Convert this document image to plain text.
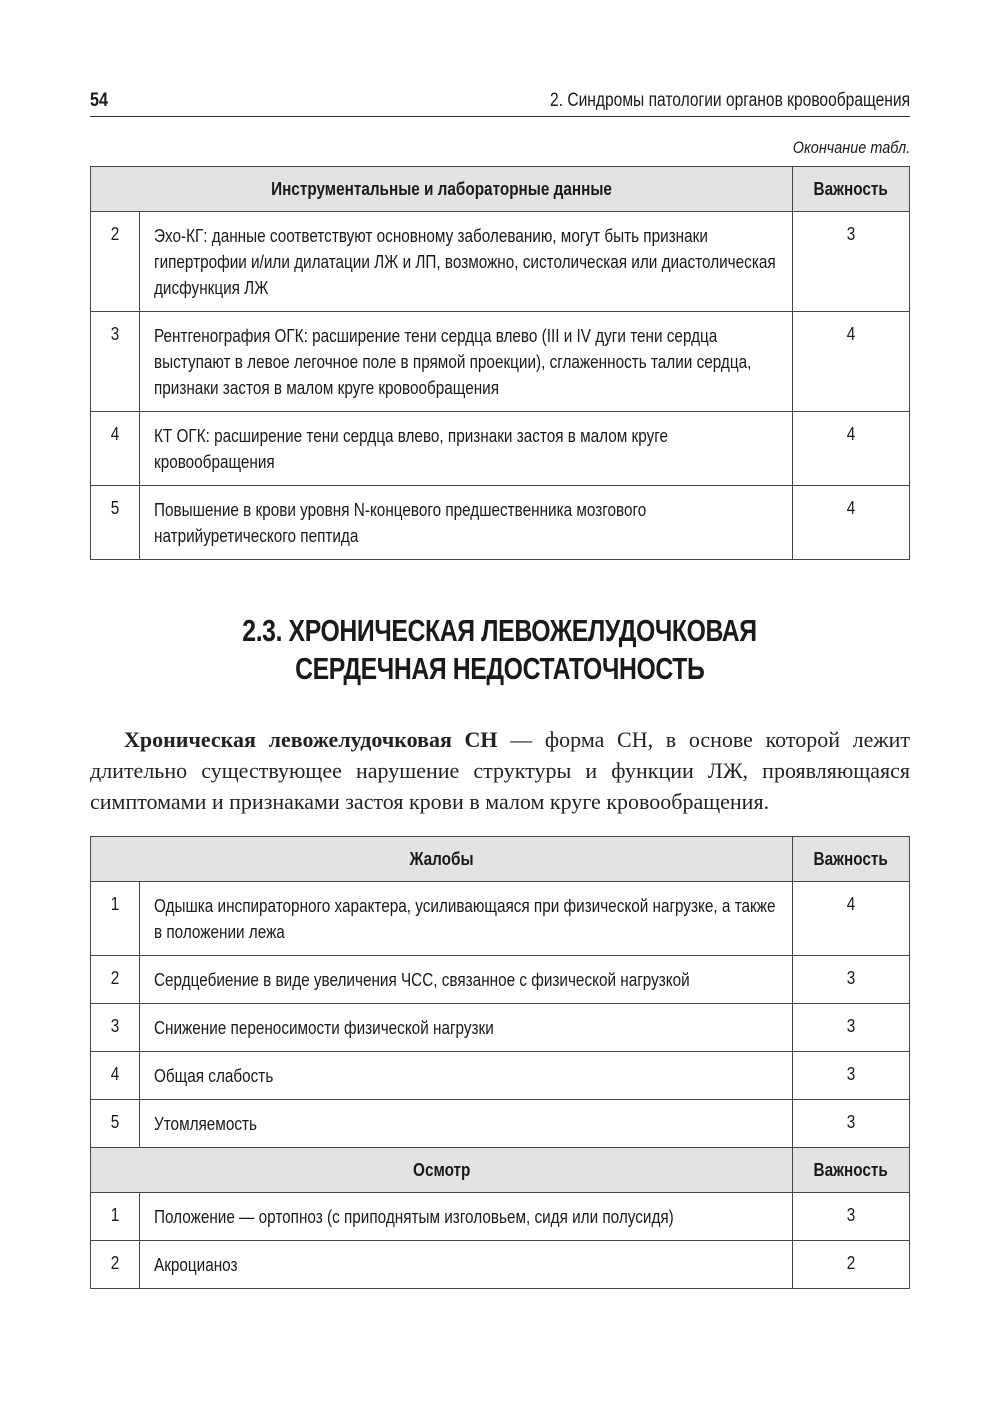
54	2. Синдромы патологии органов кровообращения
Окончание табл.
Инструментальные и лабораторные данные		Важность
2	Эхо-КГ: данные соответствуют основному заболеванию, могут быть признаки гипертрофии и/или дилатации ЛЖ и ЛП, возможно, систолическая или диастолическая дисфункция ЛЖ	3
3	Рентгенография ОГК: расширение тени сердца влево (III и IV дуги тени сердца выступают в левое легочное поле в прямой проекции), сглаженность талии сердца, признаки застоя в малом круге кровообращения	4
4	КТ ОГК: расширение тени сердца влево, признаки застоя в малом круге кровообращения	4
5	Повышение в крови уровня N-концевого предшественника мозгового натрийуретического пептида	4
2.3. ХРОНИЧЕСКАЯ ЛЕВОЖЕЛУДОЧКОВАЯ
СЕРДЕЧНАЯ НЕДОСТАТОЧНОСТЬ

Хроническая левожелудочковая СН — форма СН, в основе которой лежит длительно существующее нарушение структуры и функции ЛЖ, проявляющаяся симптомами и признаками застоя крови в малом круге кровообращения.

Жалобы		Важность
1	Одышка инспираторного характера, усиливающаяся при физической нагрузке, а также в положении лежа	4
2	Сердцебиение в виде увеличения ЧСС, связанное с физической нагрузкой	3
3	Снижение переносимости физической нагрузки	3
4	Общая слабость	3
5	Утомляемость	3
Осмотр		Важность
1	Положение — ортопноз (с приподнятым изголовьем, сидя или полусидя)	3
2	Акроцианоз	2
